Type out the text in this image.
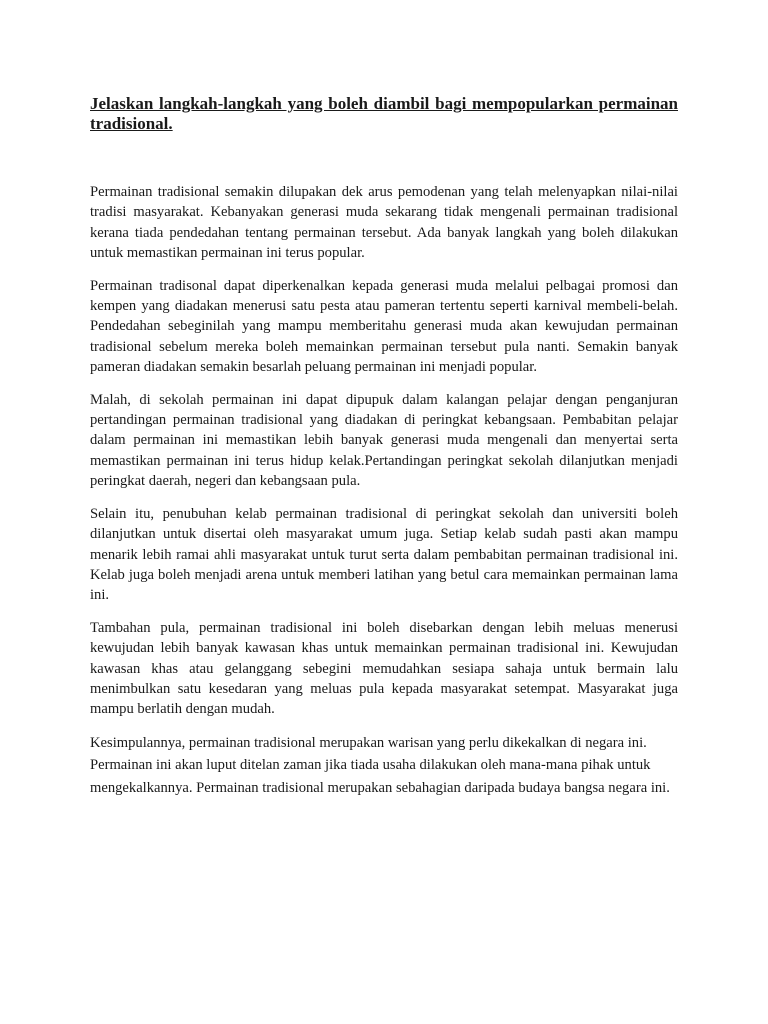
Jelaskan langkah-langkah yang boleh diambil bagi mempopularkan permainan tradisional.

Permainan tradisional semakin dilupakan dek arus pemodenan yang telah melenyapkan nilai-nilai tradisi masyarakat. Kebanyakan generasi muda sekarang tidak mengenali permainan tradisional kerana tiada pendedahan tentang permainan tersebut. Ada banyak langkah yang boleh dilakukan untuk memastikan permainan ini terus popular.

Permainan tradisonal dapat diperkenalkan kepada generasi muda melalui pelbagai promosi dan kempen yang diadakan menerusi satu pesta atau pameran tertentu seperti karnival membeli-belah. Pendedahan sebeginilah yang mampu memberitahu generasi muda akan kewujudan permainan tradisional sebelum mereka boleh memainkan permainan tersebut pula nanti. Semakin banyak pameran diadakan semakin besarlah peluang permainan ini menjadi popular.

Malah, di sekolah permainan ini dapat dipupuk dalam kalangan pelajar dengan penganjuran pertandingan permainan tradisional yang diadakan di peringkat kebangsaan. Pembabitan pelajar dalam permainan ini memastikan lebih banyak generasi muda mengenali dan menyertai serta memastikan permainan ini terus hidup kelak.Pertandingan peringkat sekolah dilanjutkan menjadi peringkat daerah, negeri dan kebangsaan pula.

Selain itu, penubuhan kelab permainan tradisional di peringkat sekolah dan universiti boleh dilanjutkan untuk disertai oleh masyarakat umum juga. Setiap kelab sudah pasti akan mampu menarik lebih ramai ahli masyarakat untuk turut serta dalam pembabitan permainan tradisional ini. Kelab juga boleh menjadi arena untuk memberi latihan yang betul cara memainkan permainan lama ini.

Tambahan pula, permainan tradisional ini boleh disebarkan dengan lebih meluas menerusi kewujudan lebih banyak kawasan khas untuk memainkan permainan tradisional ini. Kewujudan kawasan khas atau gelanggang sebegini memudahkan sesiapa sahaja untuk bermain lalu menimbulkan satu kesedaran yang meluas pula kepada masyarakat setempat. Masyarakat juga mampu berlatih dengan mudah.

Kesimpulannya, permainan tradisional merupakan warisan yang perlu dikekalkan di negara ini. Permainan ini akan luput ditelan zaman jika tiada usaha dilakukan oleh mana-mana pihak untuk mengekalkannya. Permainan tradisional merupakan sebahagian daripada budaya bangsa negara ini.
